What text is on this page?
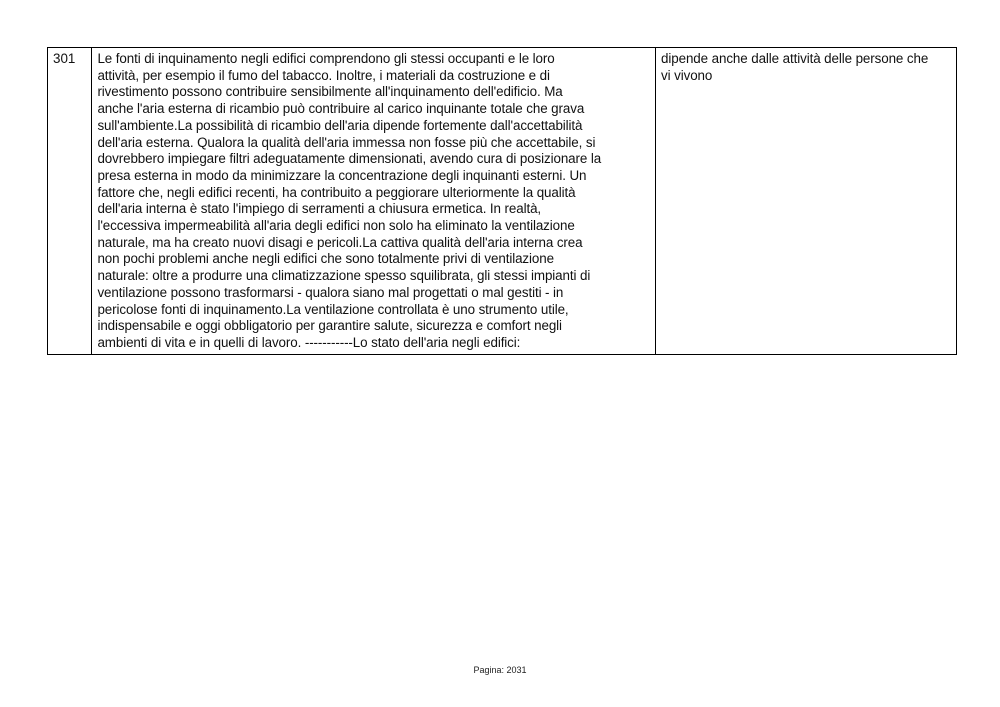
301	Le fonti di inquinamento negli edifici comprendono gli stessi occupanti e le loro
attività, per esempio il fumo del tabacco. Inoltre, i materiali da costruzione e di
rivestimento possono contribuire sensibilmente all'inquinamento dell'edificio. Ma
anche l'aria esterna di ricambio può contribuire al carico inquinante totale che grava
sull'ambiente.La possibilità di ricambio dell'aria dipende fortemente dall'accettabilità
dell'aria esterna. Qualora la qualità dell'aria immessa non fosse più che accettabile, si
dovrebbero impiegare filtri adeguatamente dimensionati, avendo cura di posizionare la
presa esterna in modo da minimizzare la concentrazione degli inquinanti esterni. Un
fattore che, negli edifici recenti, ha contribuito a peggiorare ulteriormente la qualità
dell'aria interna è stato l'impiego di serramenti a chiusura ermetica. In realtà,
l'eccessiva impermeabilità all'aria degli edifici non solo ha eliminato la ventilazione
naturale, ma ha creato nuovi disagi e pericoli.La cattiva qualità dell'aria interna crea
non pochi problemi anche negli edifici che sono totalmente privi di ventilazione
naturale: oltre a produrre una climatizzazione spesso squilibrata, gli stessi impianti di
ventilazione possono trasformarsi - qualora siano mal progettati o mal gestiti - in
pericolose fonti di inquinamento.La ventilazione controllata è uno strumento utile,
indispensabile e oggi obbligatorio per garantire salute, sicurezza e comfort negli
ambienti di vita e in quelli di lavoro. -----------Lo stato dell'aria negli edifici:	dipende anche dalle attività delle persone che
vi vivono
Pagina: 2031
